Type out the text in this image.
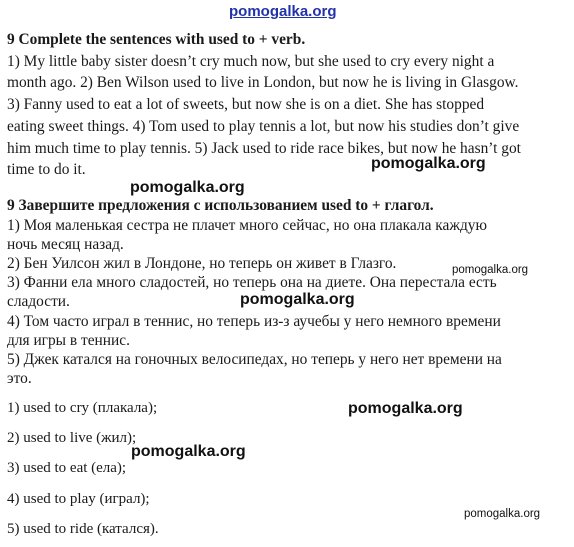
pomogalka.org
9 Complete the sentences with used to + verb.
1) My little baby sister doesn’t cry much now, but she used to cry every night a
month ago. 2) Ben Wilson used to live in London, but now he is living in Glasgow.
3) Fanny used to eat a lot of sweets, but now she is on a diet. She has stopped
eating sweet things. 4) Tom used to play tennis a lot, but now his studies don’t give
him much time to play tennis. 5) Jack used to ride race bikes, but now he hasn’t got
time to do it.	pomogalka.org
pomogalka.org
9 Завершите предложения с использованием used to + глагол.
1) Моя маленькая сестра не плачет много сейчас, но она плакала каждую
ночь месяц назад.
2) Бен Уилсон жил в Лондоне, но теперь он живет в Глазго.
3) Фанни ела много сладостей, но теперь она на диете. Она перестала есть
сладости.
4) Том часто играл в теннис, но теперь из-з аучебы у него немного времени
для игры в теннис.
5) Джек катался на гоночных велосипедах, но теперь у него нет времени на
это.
pomogalka.org
pomogalka.org
1) used to cry (плакала);
2) used to live (жил);
3) used to eat (ела);
4) used to play (играл);
5) used to ride (катался).
pomogalka.org
pomogalka.org
pomogalka.org
